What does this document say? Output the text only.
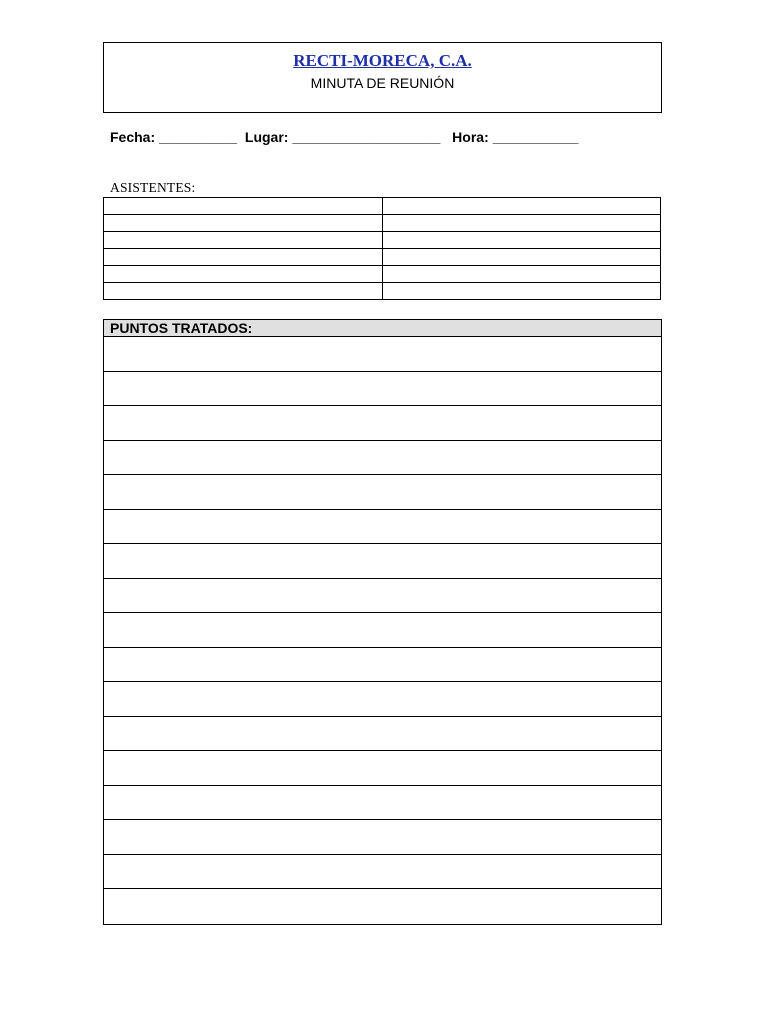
RECTI-MORECA, C.A.
MINUTA DE REUNIÓN
Fecha: __________ Lugar: ___________________ Hora: ___________
ASISTENTES:

PUNTOS TRATADOS:
